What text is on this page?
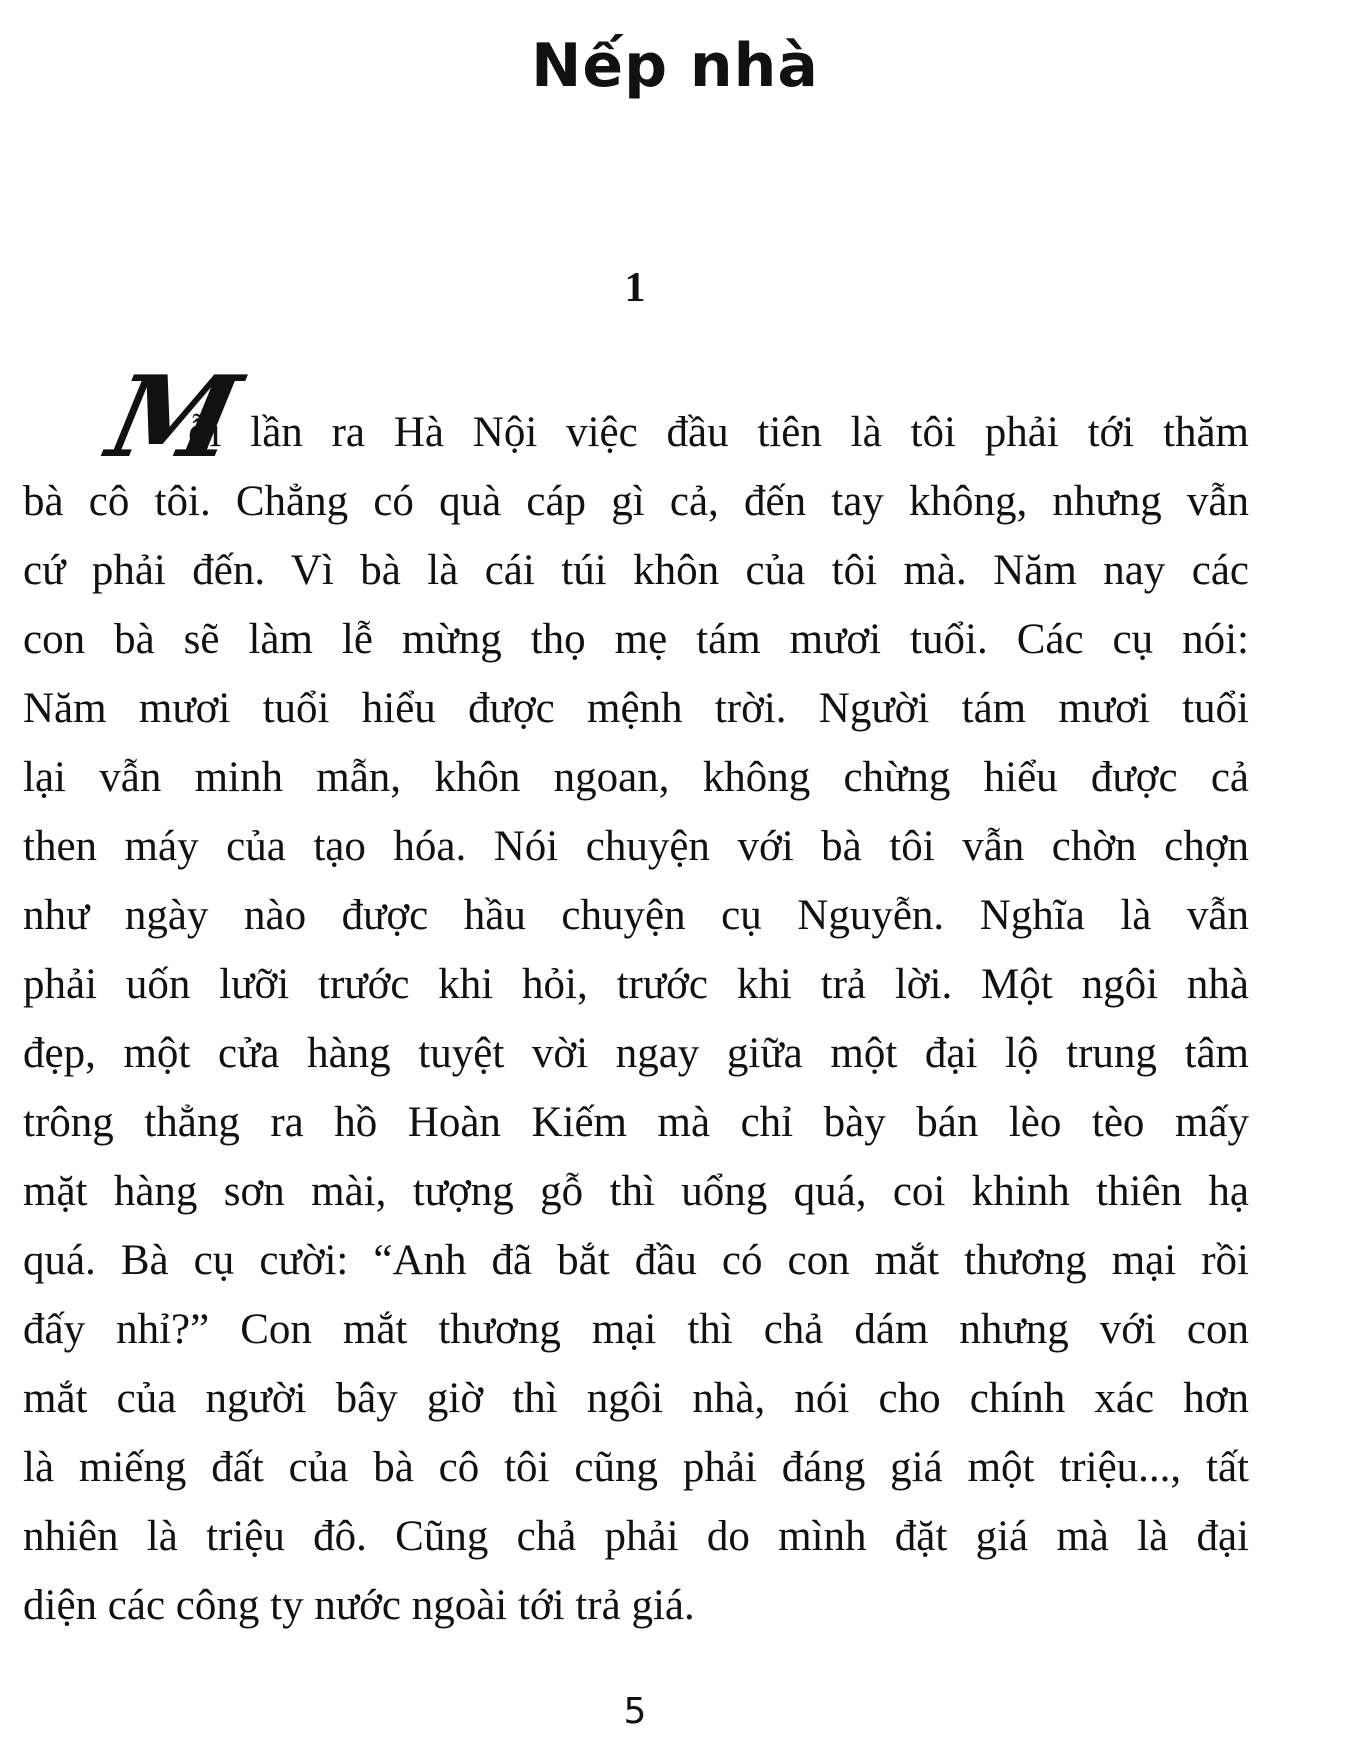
Nếp nhà
1
M
ỗi lần ra Hà Nội việc đầu tiên là tôi phải tới thăm
bà cô tôi. Chẳng có quà cáp gì cả, đến tay không, nhưng vẫn
cứ phải đến. Vì bà là cái túi khôn của tôi mà. Năm nay các
con bà sẽ làm lễ mừng thọ mẹ tám mươi tuổi. Các cụ nói:
Năm mươi tuổi hiểu được mệnh trời. Người tám mươi tuổi
lại vẫn minh mẫn, khôn ngoan, không chừng hiểu được cả
then máy của tạo hóa. Nói chuyện với bà tôi vẫn chờn chợn
như ngày nào được hầu chuyện cụ Nguyễn. Nghĩa là vẫn
phải uốn lưỡi trước khi hỏi, trước khi trả lời. Một ngôi nhà
đẹp, một cửa hàng tuyệt vời ngay giữa một đại lộ trung tâm
trông thẳng ra hồ Hoàn Kiếm mà chỉ bày bán lèo tèo mấy
mặt hàng sơn mài, tượng gỗ thì uổng quá, coi khinh thiên hạ
quá. Bà cụ cười: “Anh đã bắt đầu có con mắt thương mại rồi
đấy nhỉ?” Con mắt thương mại thì chả dám nhưng với con
mắt của người bây giờ thì ngôi nhà, nói cho chính xác hơn
là miếng đất của bà cô tôi cũng phải đáng giá một triệu..., tất
nhiên là triệu đô. Cũng chả phải do mình đặt giá mà là đại
diện các công ty nước ngoài tới trả giá.
5
